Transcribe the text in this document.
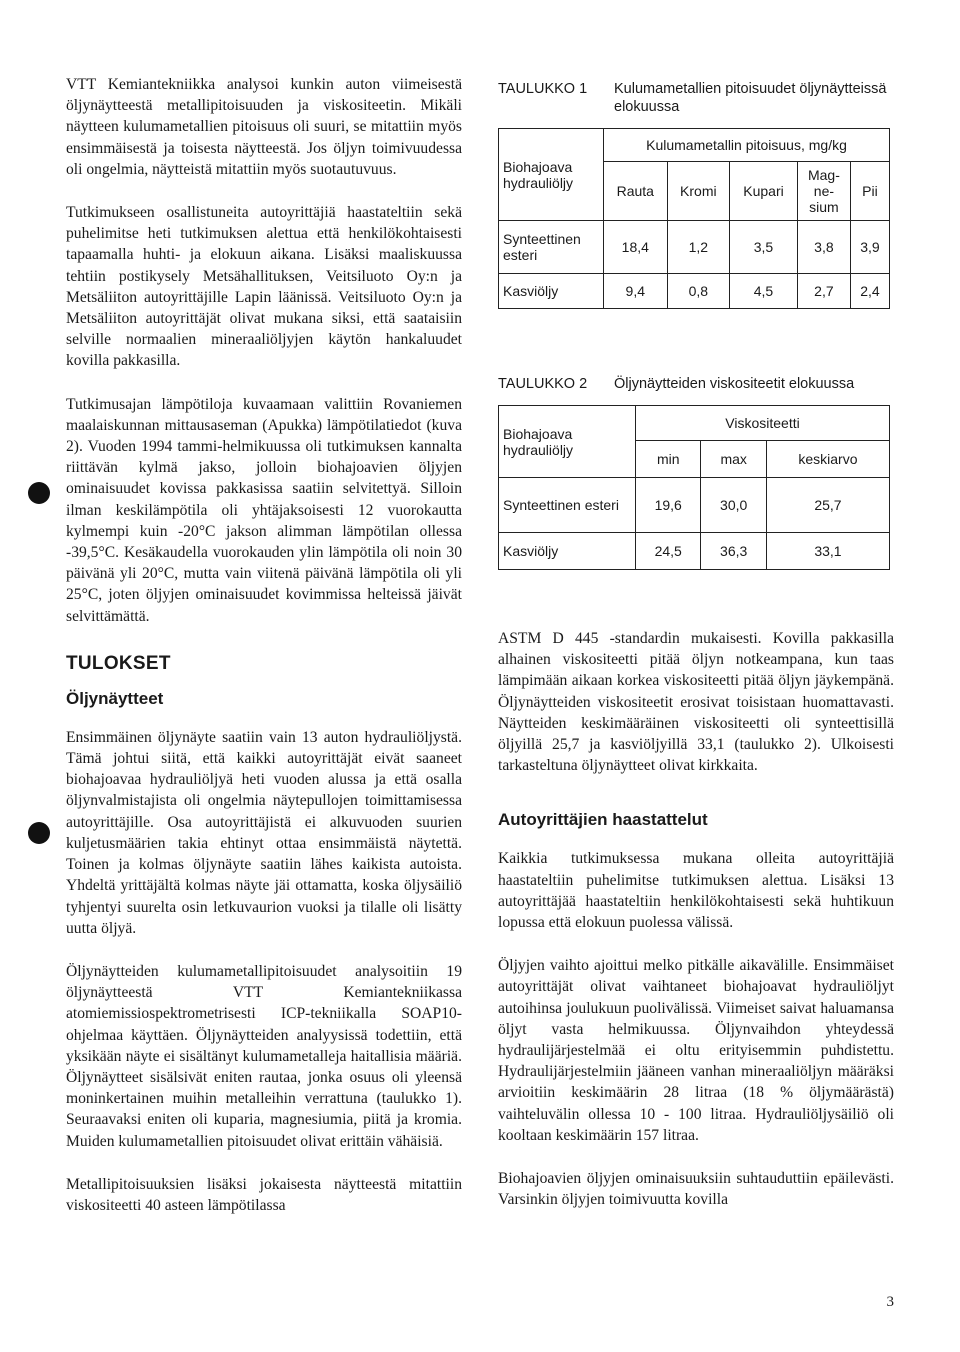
VTT Kemiantekniikka analysoi kunkin auton viimeisestä öljynäytteestä metallipitoisuuden ja viskositeetin. Mikäli näytteen kulumametallien pitoisuus oli suuri, se mitattiin myös ensimmäisestä ja toisesta näytteestä. Jos öljyn toimivuudessa oli ongelmia, näytteistä mitattiin myös suotautuvuus.

Tutkimukseen osallistuneita autoyrittäjiä haastateltiin sekä puhelimitse heti tutkimuksen alettua että henkilökohtaisesti tapaamalla huhti- ja elokuun aikana. Lisäksi maaliskuussa tehtiin postikysely Metsähallituksen, Veitsiluoto Oy:n ja Metsäliiton autoyrittäjille Lapin läänissä. Veitsiluoto Oy:n ja Metsäliiton autoyrittäjät olivat mukana siksi, että saataisiin selville normaalien mineraaliöljyjen käytön hankaluudet kovilla pakkasilla.

Tutkimusajan lämpötiloja kuvaamaan valittiin Rovaniemen maalaiskunnan mittausaseman (Apukka) lämpötilatiedot (kuva 2). Vuoden 1994 tammi-helmikuussa oli tutkimuksen kannalta riittävän kylmä jakso, jolloin biohajoavien öljyjen ominaisuudet kovissa pakkasissa saatiin selvitettyä. Silloin ilman keskilämpötila oli yhtäjaksoisesti 12 vuorokautta kylmempi kuin -20°C jakson alimman lämpötilan ollessa -39,5°C. Kesäkaudella vuorokauden ylin lämpötila oli noin 30 päivänä yli 20°C, mutta vain viitenä päivänä lämpötila oli yli 25°C, joten öljyjen ominaisuudet kovimmissa helteissä jäivät selvittämättä.

TULOKSET
Öljynäytteet

Ensimmäinen öljynäyte saatiin vain 13 auton hydrauliöljystä. Tämä johtui siitä, että kaikki autoyrittäjät eivät saaneet biohajoavaa hydrauliöljyä heti vuoden alussa ja että osalla öljynvalmistajista oli ongelmia näytepullojen toimittamisessa autoyrittäjille. Osa autoyrittäjistä ei alkuvuoden suurien kuljetusmäärien takia ehtinyt ottaa ensimmäistä näytettä. Toinen ja kolmas öljynäyte saatiin lähes kaikista autoista. Yhdeltä yrittäjältä kolmas näyte jäi ottamatta, koska öljysäiliö tyhjentyi suurelta osin letkuvaurion vuoksi ja tilalle oli lisätty uutta öljyä.

Öljynäytteiden kulumametallipitoisuudet analysoitiin 19 öljynäytteestä VTT Kemiantekniikassa atomiemissiospektrometrisesti ICP-tekniikalla SOAP10-ohjelmaa käyttäen. Öljynäytteiden analyysissä todettiin, että yksikään näyte ei sisältänyt kulumametalleja haitallisia määriä. Öljynäytteet sisälsivät eniten rautaa, jonka osuus oli yleensä moninkertainen muihin metalleihin verrattuna (taulukko 1). Seuraavaksi eniten oli kuparia, magnesiumia, piitä ja kromia. Muiden kulumametallien pitoisuudet olivat erittäin vähäisiä.

Metallipitoisuuksien lisäksi jokaisesta näytteestä mitattiin viskositeetti 40 asteen lämpötilassa

TAULUKKO 1	Kulumametallien pitoisuudet öljynäytteissä elokuussa
Biohajoava hydrauliöljy	Kulumametallin pitoisuus, mg/kg				
	Rauta	Kromi	Kupari	Mag-ne-sium	Pii
Synteettinen esteri	18,4	1,2	3,5	3,8	3,9
Kasviöljy	9,4	0,8	4,5	2,7	2,4
TAULUKKO 2	Öljynäytteiden viskositeetit elokuussa
Biohajoava hydrauliöljy	Viskositeetti		
	min	max	keskiarvo
Synteettinen esteri	19,6	30,0	25,7
Kasviöljy	24,5	36,3	33,1

ASTM D 445 -standardin mukaisesti. Kovilla pakkasilla alhainen viskositeetti pitää öljyn notkeampana, kun taas lämpimään aikaan korkea viskositeetti pitää öljyn jäykempänä. Öljynäytteiden viskositeetit erosivat toisistaan huomattavasti. Näytteiden keskimääräinen viskositeetti oli synteettisillä öljyillä 25,7 ja kasviöljyillä 33,1 (taulukko 2). Ulkoisesti tarkasteltuna öljynäytteet olivat kirkkaita.

Autoyrittäjien haastattelut

Kaikkia tutkimuksessa mukana olleita autoyrittäjiä haastateltiin puhelimitse tutkimuksen alettua. Lisäksi 13 autoyrittäjää haastateltiin henkilökohtaisesti sekä huhtikuun lopussa että elokuun puolessa välissä.

Öljyjen vaihto ajoittui melko pitkälle aikavälille. Ensimmäiset autoyrittäjät olivat vaihtaneet biohajoavat hydrauliöljyt autoihinsa joulukuun puolivälissä. Viimeiset saivat haluamansa öljyt vasta helmikuussa. Öljynvaihdon yhteydessä hydraulijärjestelmää ei oltu erityisemmin puhdistettu. Hydraulijärjestelmiin jääneen vanhan mineraaliöljyn määräksi arvioitiin keskimäärin 28 litraa (18 % öljymäärästä) vaihteluvälin ollessa 10 - 100 litraa. Hydrauliöljysäiliö oli kooltaan keskimäärin 157 litraa.

Biohajoavien öljyjen ominaisuuksiin suhtauduttiin epäilevästi. Varsinkin öljyjen toimivuutta kovilla

3
